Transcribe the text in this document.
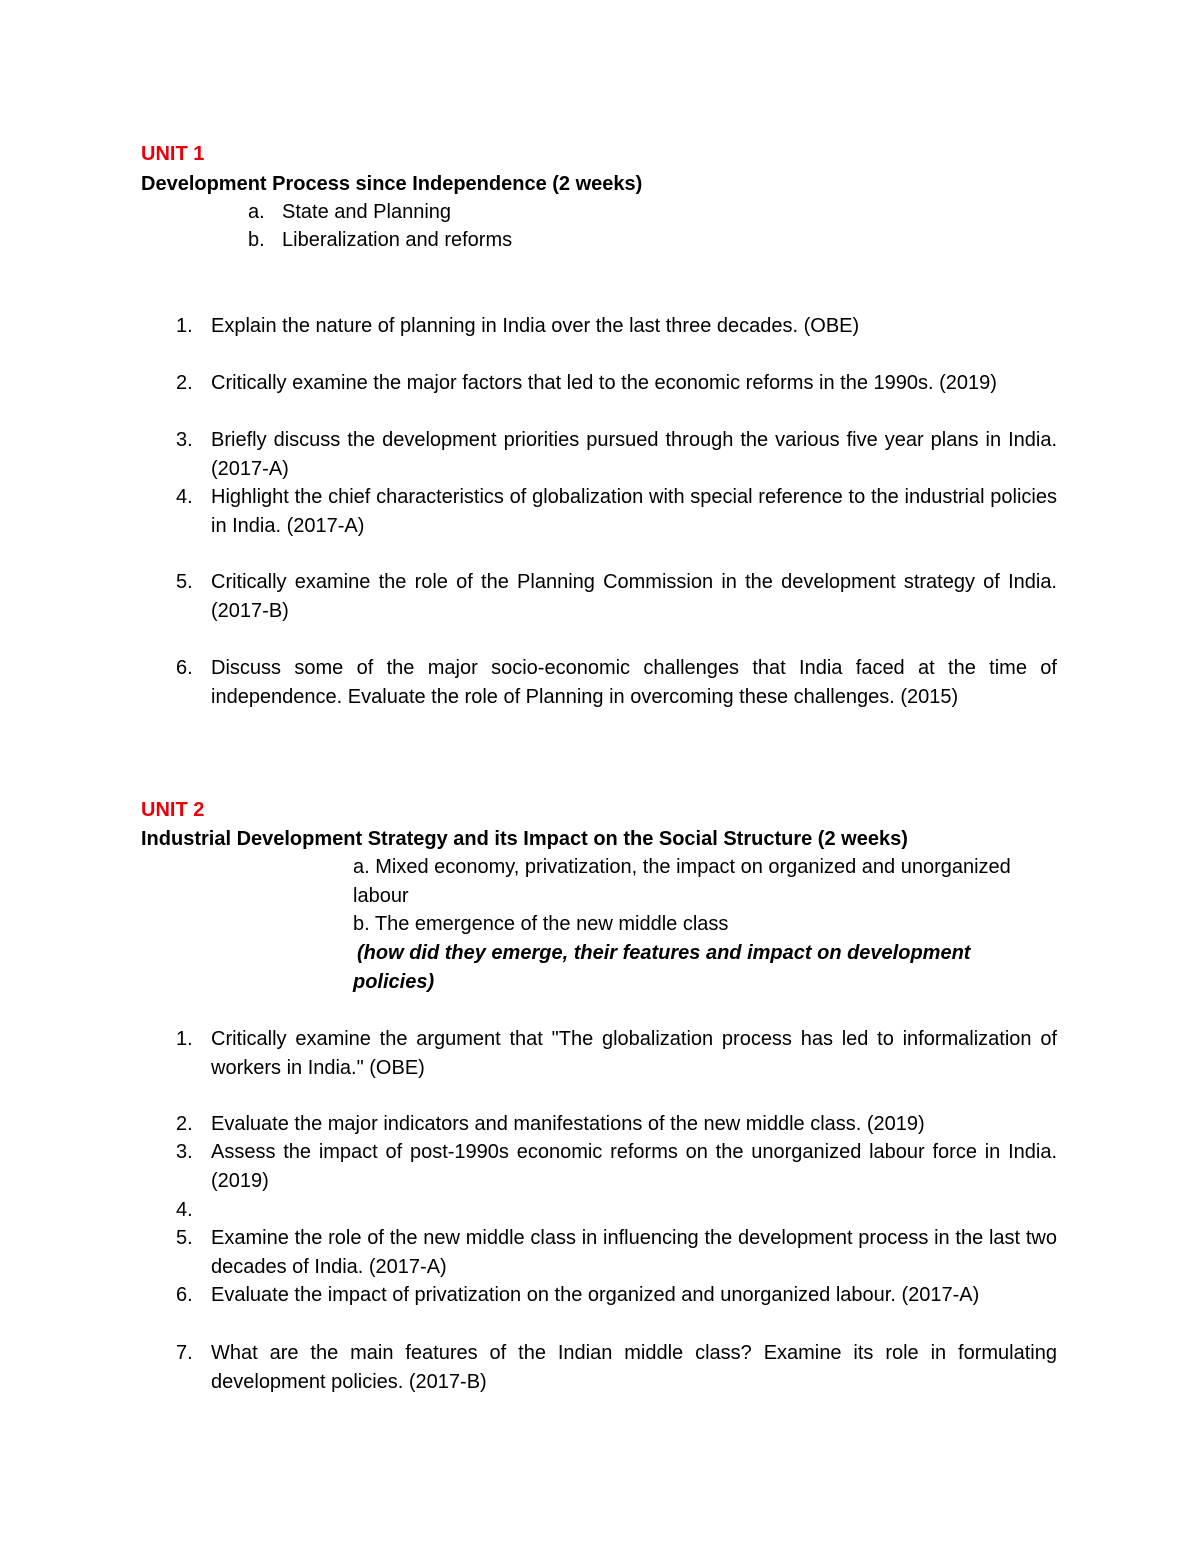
UNIT 1
Development Process since Independence (2 weeks)
a. State and Planning
b. Liberalization and reforms
1. Explain the nature of planning in India over the last three decades. (OBE)
2. Critically examine the major factors that led to the economic reforms in the 1990s. (2019)
3. Briefly discuss the development priorities pursued through the various five year plans in India. (2017-A)
4. Highlight the chief characteristics of globalization with special reference to the industrial policies in India. (2017-A)
5. Critically examine the role of the Planning Commission in the development strategy of India. (2017-B)
6. Discuss some of the major socio-economic challenges that India faced at the time of independence. Evaluate the role of Planning in overcoming these challenges. (2015)
UNIT 2
Industrial Development Strategy and its Impact on the Social Structure (2 weeks)
a. Mixed economy, privatization, the impact on organized and unorganized labour
b. The emergence of the new middle class
(how did they emerge, their features and impact on development policies)
1. Critically examine the argument that "The globalization process has led to informalization of workers in India." (OBE)
2. Evaluate the major indicators and manifestations of the new middle class. (2019)
3. Assess the impact of post-1990s economic reforms on the unorganized labour force in India. (2019)
4.
5. Examine the role of the new middle class in influencing the development process in the last two decades of India. (2017-A)
6. Evaluate the impact of privatization on the organized and unorganized labour. (2017-A)
7. What are the main features of the Indian middle class? Examine its role in formulating development policies. (2017-B)
